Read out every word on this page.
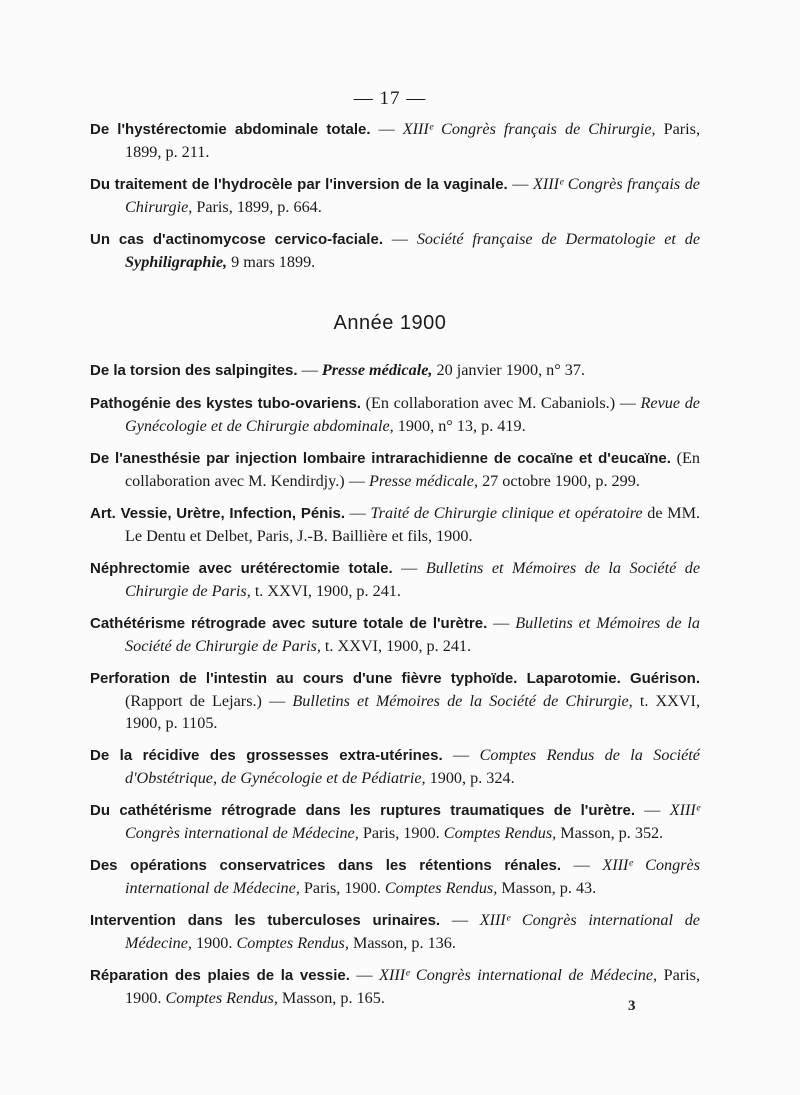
— 17 —

De l'hystérectomie abdominale totale. — XIIIᵉ Congrès français de Chirurgie, Paris, 1899, p. 211.

Du traitement de l'hydrocèle par l'inversion de la vaginale. — XIIIᵉ Congrès français de Chirurgie, Paris, 1899, p. 664.

Un cas d'actinomycose cervico-faciale. — Société française de Dermatologie et de Syphiligraphie, 9 mars 1899.

Année 1900

De la torsion des salpingites. — Presse médicale, 20 janvier 1900, n° 37.

Pathogénie des kystes tubo-ovariens. (En collaboration avec M. Cabaniols.) — Revue de Gynécologie et de Chirurgie abdominale, 1900, n° 13, p. 419.

De l'anesthésie par injection lombaire intrarachidienne de cocaïne et d'eucaïne. (En collaboration avec M. Kendirdjy.) — Presse médicale, 27 octobre 1900, p. 299.

Art. Vessie, Urètre, Infection, Pénis. — Traité de Chirurgie clinique et opératoire de MM. Le Dentu et Delbet, Paris, J.-B. Baillière et fils, 1900.

Néphrectomie avec urétérectomie totale. — Bulletins et Mémoires de la Société de Chirurgie de Paris, t. XXVI, 1900, p. 241.

Cathétérisme rétrograde avec suture totale de l'urètre. — Bulletins et Mémoires de la Société de Chirurgie de Paris, t. XXVI, 1900, p. 241.

Perforation de l'intestin au cours d'une fièvre typhoïde. Laparotomie. Guérison. (Rapport de Lejars.) — Bulletins et Mémoires de la Société de Chirurgie, t. XXVI, 1900, p. 1105.

De la récidive des grossesses extra-utérines. — Comptes Rendus de la Société d'Obstétrique, de Gynécologie et de Pédiatrie, 1900, p. 324.

Du cathétérisme rétrograde dans les ruptures traumatiques de l'urètre. — XIIIᵉ Congrès international de Médecine, Paris, 1900. Comptes Rendus, Masson, p. 352.

Des opérations conservatrices dans les rétentions rénales. — XIIIᵉ Congrès international de Médecine, Paris, 1900. Comptes Rendus, Masson, p. 43.

Intervention dans les tuberculoses urinaires. — XIIIᵉ Congrès international de Médecine, 1900. Comptes Rendus, Masson, p. 136.

Réparation des plaies de la vessie. — XIIIᵉ Congrès international de Médecine, Paris, 1900. Comptes Rendus, Masson, p. 165.	3
